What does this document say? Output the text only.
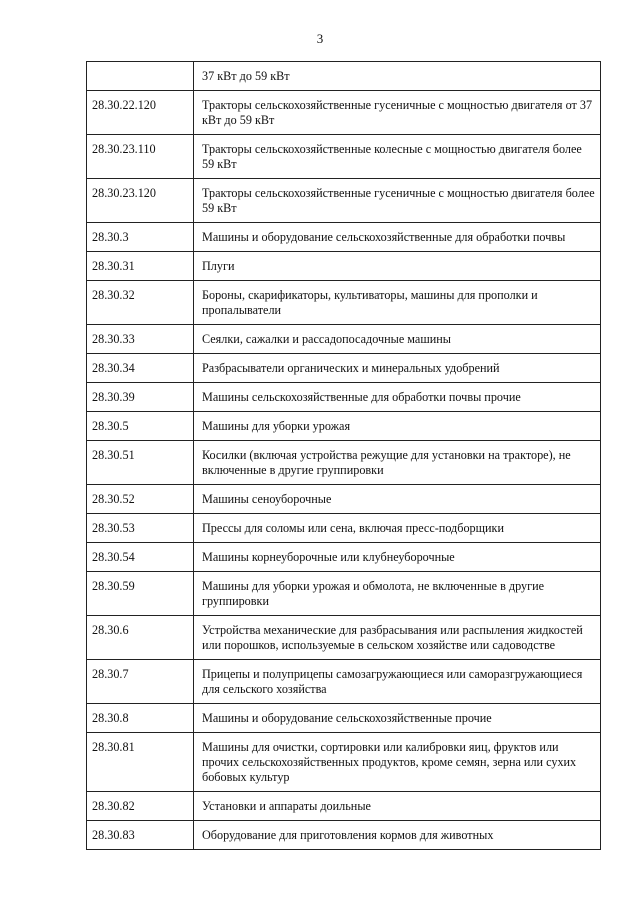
3
	37 кВт до 59 кВт
28.30.22.120	Тракторы сельскохозяйственные гусеничные с мощностью двигателя от 37 кВт до 59 кВт
28.30.23.110	Тракторы сельскохозяйственные колесные с мощностью двигателя более 59 кВт
28.30.23.120	Тракторы сельскохозяйственные гусеничные с мощностью двигателя более 59 кВт
28.30.3	Машины и оборудование сельскохозяйственные для обработки почвы
28.30.31	Плуги
28.30.32	Бороны, скарификаторы, культиваторы, машины для прополки и пропалыватели
28.30.33	Сеялки, сажалки и рассадопосадочные машины
28.30.34	Разбрасыватели органических и минеральных удобрений
28.30.39	Машины сельскохозяйственные для обработки почвы прочие
28.30.5	Машины для уборки урожая
28.30.51	Косилки (включая устройства режущие для установки на тракторе), не включенные в другие группировки
28.30.52	Машины сеноуборочные
28.30.53	Прессы для соломы или сена, включая пресс-подборщики
28.30.54	Машины корнеуборочные или клубнеуборочные
28.30.59	Машины для уборки урожая и обмолота, не включенные в другие группировки
28.30.6	Устройства механические для разбрасывания или распыления жидкостей или порошков, используемые в сельском хозяйстве или садоводстве
28.30.7	Прицепы и полуприцепы самозагружающиеся или саморазгружающиеся для сельского хозяйства
28.30.8	Машины и оборудование сельскохозяйственные прочие
28.30.81	Машины для очистки, сортировки или калибровки яиц, фруктов или прочих сельскохозяйственных продуктов, кроме семян, зерна или сухих бобовых культур
28.30.82	Установки и аппараты доильные
28.30.83	Оборудование для приготовления кормов для животных
